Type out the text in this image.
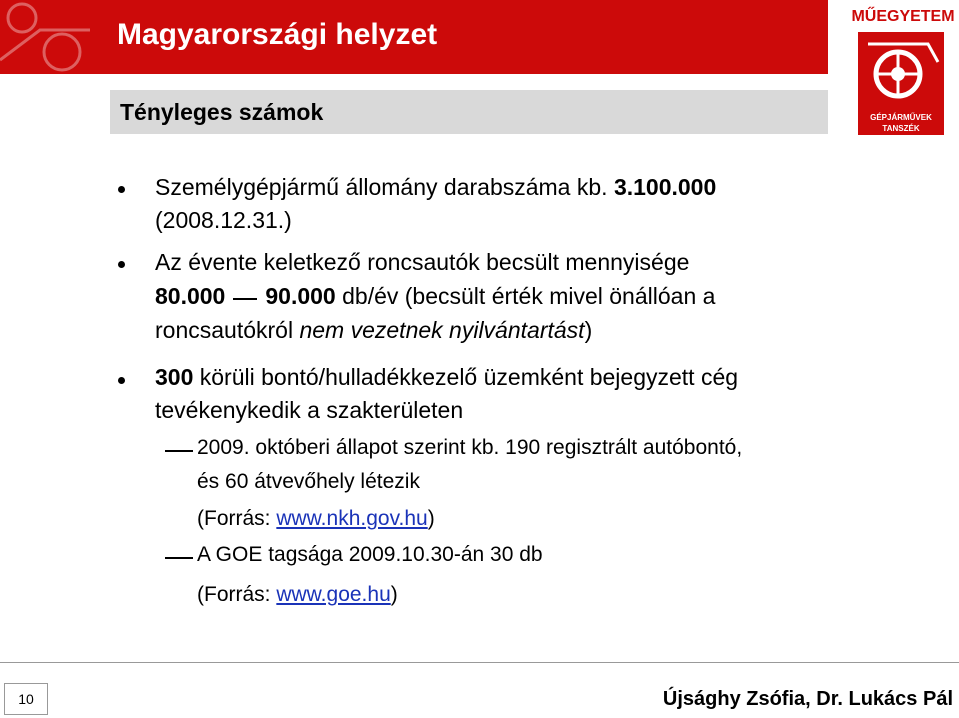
Magyarországi helyzet
Tényleges számok
MŰEGYETEM
GÉPJÁRMŰVEK TANSZÉK
Személygépjármű állomány darabszáma kb. 3.100.000
(2008.12.31.)
Az évente keletkező roncsautók becsült mennyisége
80.000 90.000 db/év (becsült érték mivel önállóan a
roncsautókról nem vezetnek nyilvántartást)
300 körüli bontó/hulladékkezelő üzemként bejegyzett cég
tevékenykedik a szakterületen
2009. októberi állapot szerint kb. 190 regisztrált autóbontó,
és 60 átvevőhely létezik
(Forrás: www.nkh.gov.hu)
A GOE tagsága 2009.10.30-án 30 db
(Forrás: www.goe.hu)
10	Újsághy Zsófia, Dr. Lukács Pál
